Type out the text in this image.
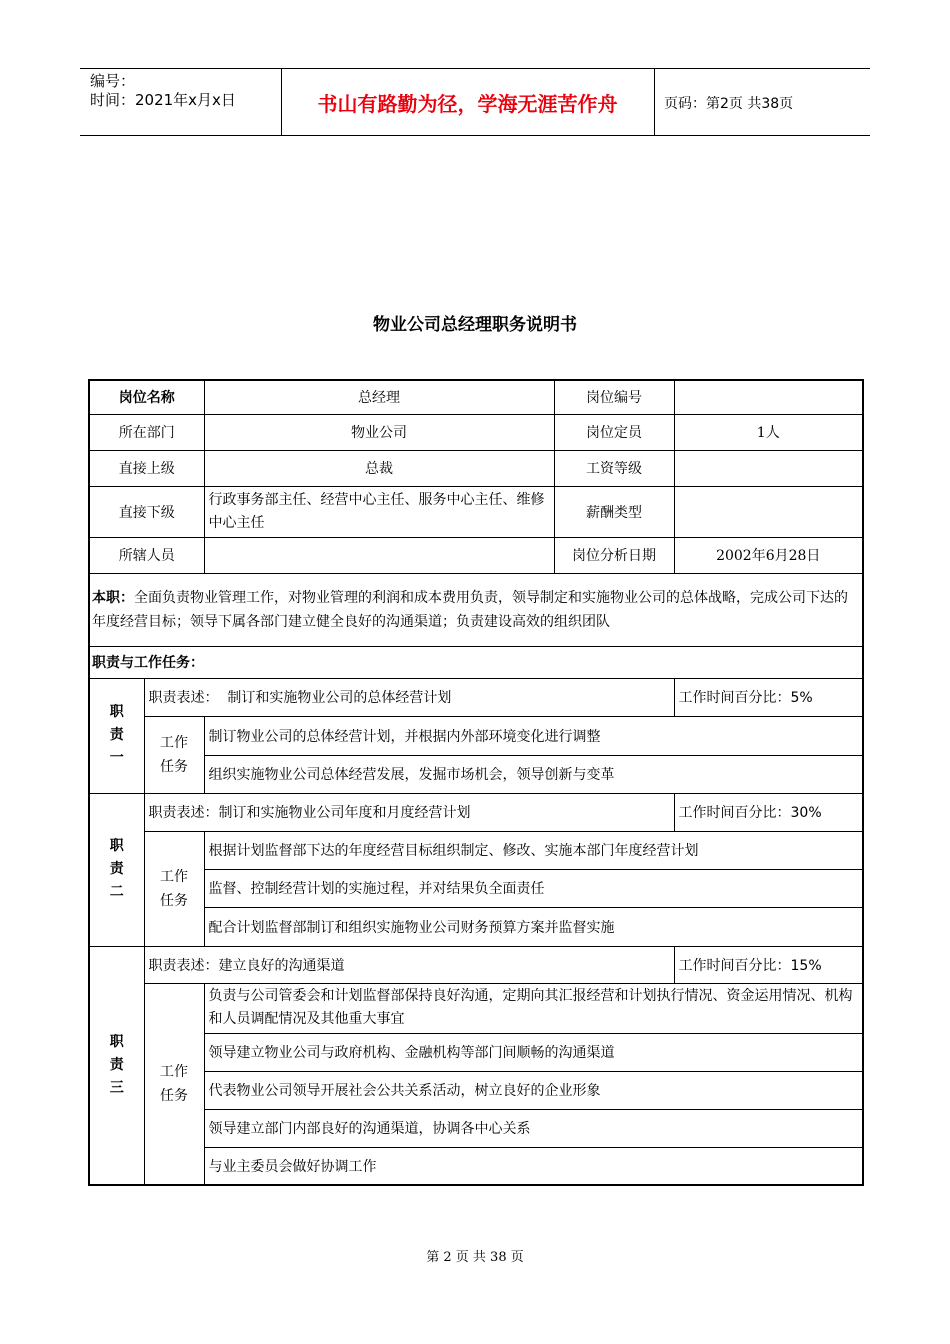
编号：
时间：2021年x月x日	书山有路勤为径，学海无涯苦作舟	页码：第2页 共38页
物业公司总经理职务说明书
岗位名称		总经理	岗位编号	
所在部门		物业公司	岗位定员	1人
直接上级		总裁	工资等级	
直接下级		行政事务部主任、经营中心主任、服务中心主任、维修中心主任	薪酬类型	
所辖人员			岗位分析日期	2002年6月28日
本职：全面负责物业管理工作，对物业管理的利润和成本费用负责，领导制定和实施物业公司的总体战略，完成公司下达的年度经营目标；领导下属各部门建立健全良好的沟通渠道；负责建设高效的组织团队				
职责与工作任务：				

职责一	职责表述： 制订和实施物业公司的总体经营计划			工作时间百分比：5%

	工作任务	制订物业公司的总体经营计划，并根据内外部环境变化进行调整		
		组织实施物业公司总体经营发展，发掘市场机会，领导创新与变革		

职责二	职责表述：制订和实施物业公司年度和月度经营计划			工作时间百分比：30%

	工作任务	根据计划监督部下达的年度经营目标组织制定、修改、实施本部门年度经营计划		
		监督、控制经营计划的实施过程，并对结果负全面责任		
		配合计划监督部制订和组织实施物业公司财务预算方案并监督实施		

职责三	职责表述：建立良好的沟通渠道			工作时间百分比：15%

	工作任务	负责与公司管委会和计划监督部保持良好沟通，定期向其汇报经营和计划执行情况、资金运用情况、机构和人员调配情况及其他重大事宜		
		领导建立物业公司与政府机构、金融机构等部门间顺畅的沟通渠道		
		代表物业公司领导开展社会公共关系活动，树立良好的企业形象		
		领导建立部门内部良好的沟通渠道，协调各中心关系		
		与业主委员会做好协调工作		
第 2 页 共 38 页
